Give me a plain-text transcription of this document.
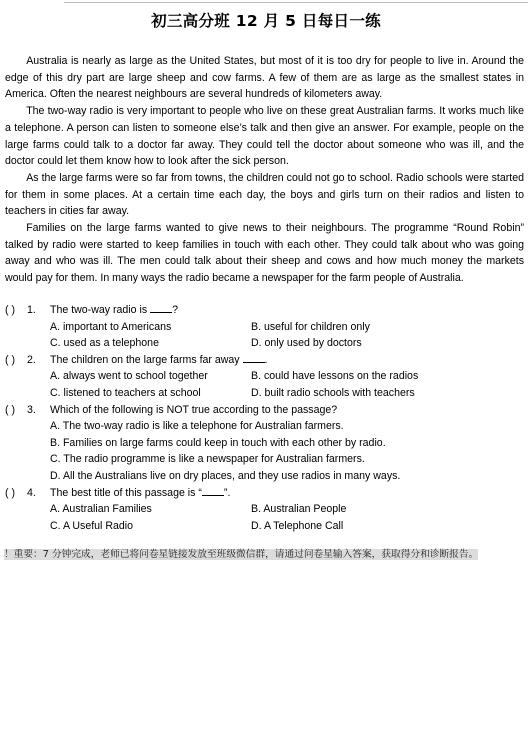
初三高分班 12 月 5 日每日一练

Australia is nearly as large as the United States, but most of it is too dry for people to live in. Around the edge of this dry part are large sheep and cow farms. A few of them are as large as the smallest states in America. Often the nearest neighbours are several hundreds of kilometers away.

The two-way radio is very important to people who live on these great Australian farms. It works much like a telephone. A person can listen to someone else’s talk and then give an answer. For example, people on the large farms could talk to a doctor far away. They could tell the doctor about someone who was ill, and the doctor could let them know how to look after the sick person.

As the large farms were so far from towns, the children could not go to school. Radio schools were started for them in some places. At a certain time each day, the boys and girls turn on their radios and listen to teachers in cities far away.

Families on the large farms wanted to give news to their neighbours. The programme “Round Robin” talked by radio were started to keep families in touch with each other. They could talk about who was going away and who was ill. The men could talk about their sheep and cows and how much money the markets would pay for them. In many ways the radio became a newspaper for the farm people of Australia.

( ) 1. The two-way radio is ?
A. important to Americans	B. useful for children only
C. used as a telephone	D. only used by doctors
( ) 2. The children on the large farms far away .
A. always went to school together	B. could have lessons on the radios
C. listened to teachers at school	D. built radio schools with teachers
( ) 3. Which of the following is NOT true according to the passage?
A. The two-way radio is like a telephone for Australian farmers.
B. Families on large farms could keep in touch with each other by radio.
C. The radio programme is like a newspaper for Australian farmers.
D. All the Australians live on dry places, and they use radios in many ways.
( ) 4. The best title of this passage is “ ”.
A. Australian Families	B. Australian People
C. A Useful Radio	D. A Telephone Call
！重要：7 分钟完成，老师已将问卷星链接发放至班级微信群，请通过问卷星输入答案，获取得分和诊断报告。
